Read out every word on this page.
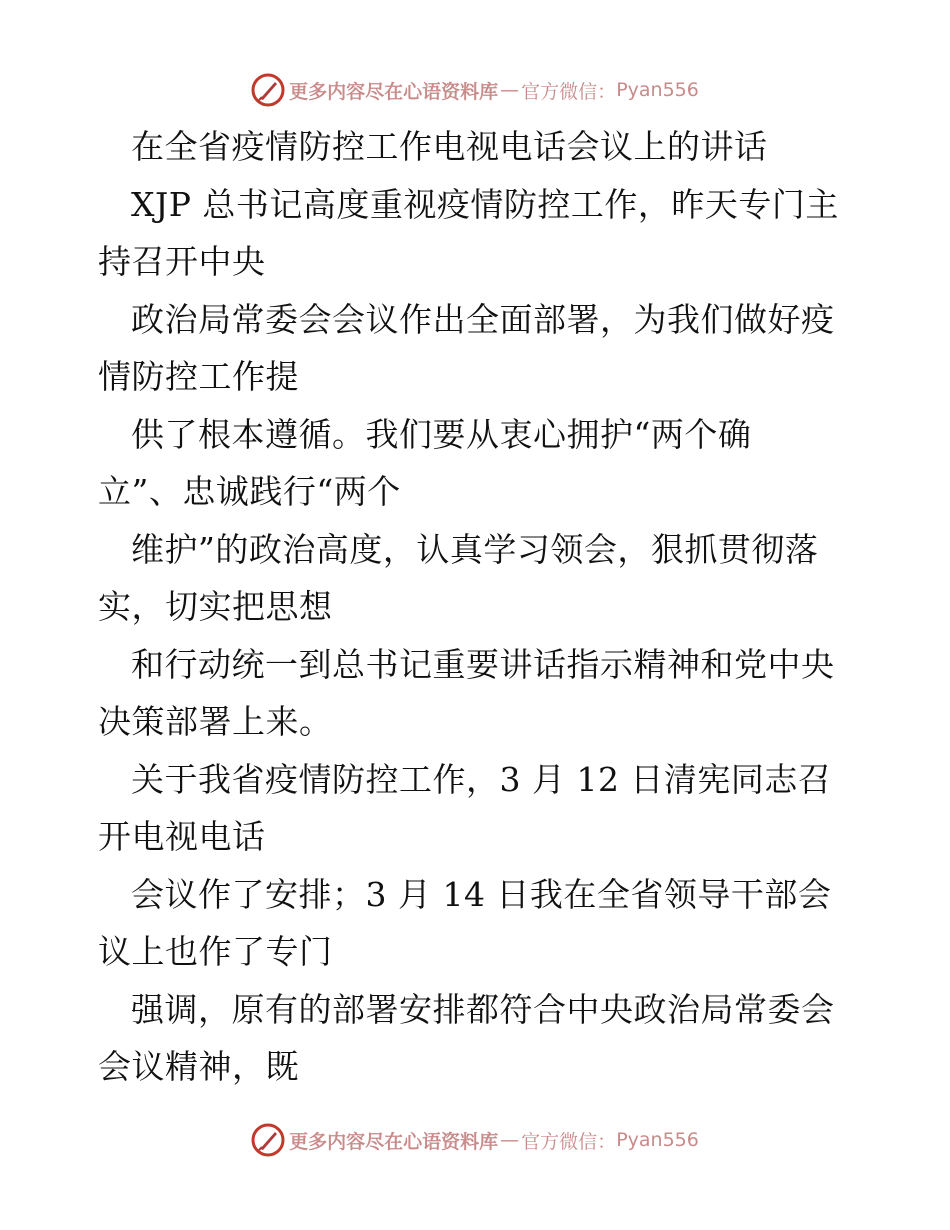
更多内容尽在心语资料库 — 官方微信： Pyan556

在全省疫情防控工作电视电话会议上的讲话

XJP 总书记高度重视疫情防控工作，昨天专门主

持召开中央

政治局常委会会议作出全面部署，为我们做好疫

情防控工作提

供了根本遵循。我们要从衷心拥护“两个确

立”、忠诚践行“两个

维护”的政治高度，认真学习领会，狠抓贯彻落

实，切实把思想

和行动统一到总书记重要讲话指示精神和党中央

决策部署上来。

关于我省疫情防控工作，3 月 12 日清宪同志召

开电视电话

会议作了安排；3 月 14 日我在全省领导干部会

议上也作了专门

强调，原有的部署安排都符合中央政治局常委会

会议精神，既

更多内容尽在心语资料库 — 官方微信： Pyan556
